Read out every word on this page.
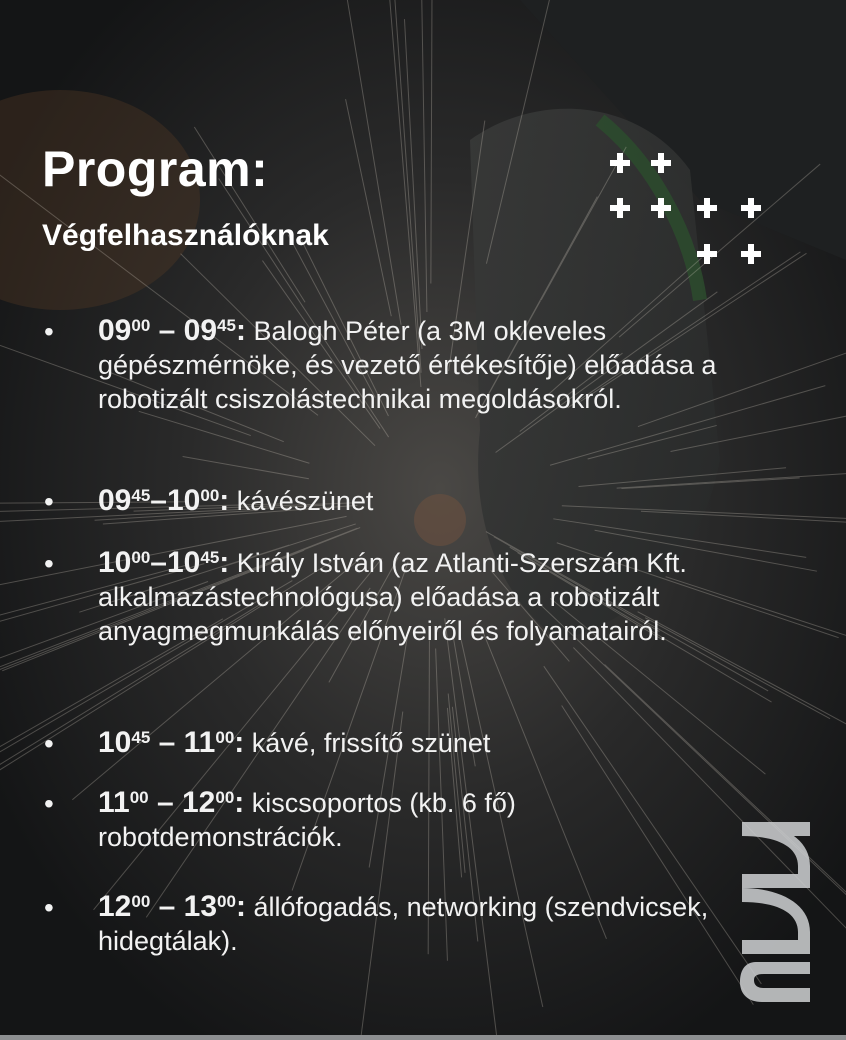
Program:
Végfelhasználóknak
• $09^{00} - 09^{45}$: Balogh Péter (a 3M okleveles gépészmérnöke, és vezető értékesítője) előadása a robotizált csiszolástechnikai megoldásokról.
• $09^{45}-10^{00}$: kávészünet
• $10^{00}-10^{45}$: Király István (az Atlanti-Szerszám Kft. alkalmazástechnológusa) előadása a robotizált anyagmegmunkálás előnyeiről és folyamatairól.
• $10^{45} - 11^{00}$: kávé, frissítő szünet
• $11^{00} - 12^{00}$: kiscsoportos (kb. 6 fő) robotdemonstrációk.
• $12^{00} - 13^{00}$: állófogadás, networking (szendvicsek, hidegtálak).
